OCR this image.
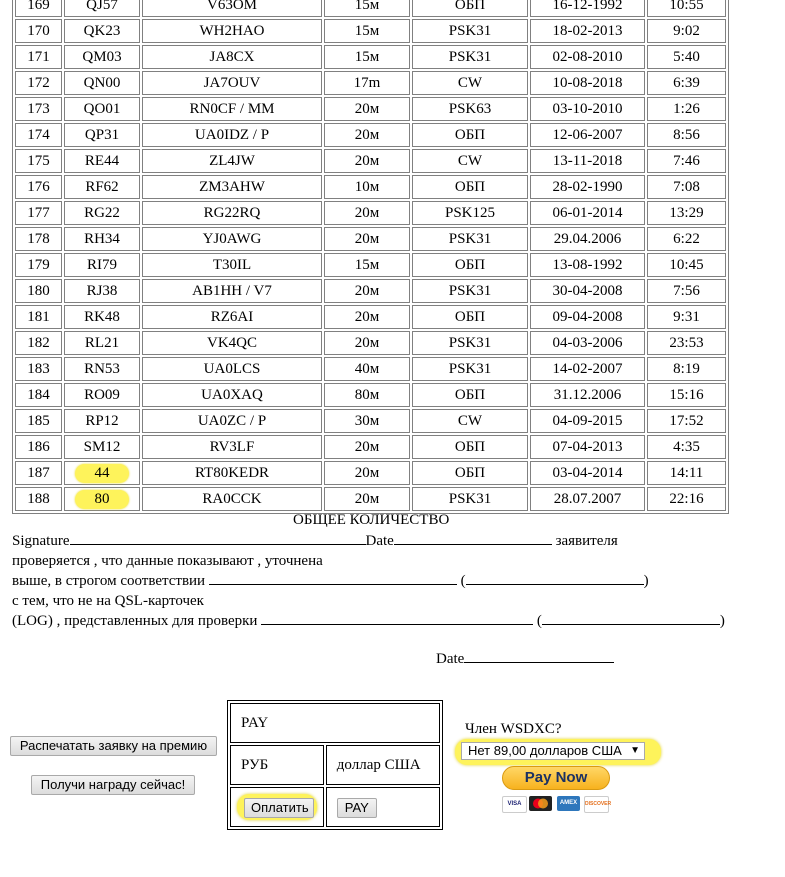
169	QJ57	V63OM	15м	ОБП	16-12-1992	10:55
170	QK23	WH2HAO	15м	PSK31	18-02-2013	9:02
171	QM03	JA8CX	15м	PSK31	02-08-2010	5:40
172	QN00	JA7OUV	17m	CW	10-08-2018	6:39
173	QO01	RN0CF / MM	20м	PSK63	03-10-2010	1:26
174	QP31	UA0IDZ / P	20м	ОБП	12-06-2007	8:56
175	RE44	ZL4JW	20м	CW	13-11-2018	7:46
176	RF62	ZM3AHW	10м	ОБП	28-02-1990	7:08
177	RG22	RG22RQ	20м	PSK125	06-01-2014	13:29
178	RH34	YJ0AWG	20м	PSK31	29.04.2006	6:22
179	RI79	T30IL	15м	ОБП	13-08-1992	10:45
180	RJ38	AB1HH / V7	20м	PSK31	30-04-2008	7:56
181	RK48	RZ6AI	20м	ОБП	09-04-2008	9:31
182	RL21	VK4QC	20м	PSK31	04-03-2006	23:53
183	RN53	UA0LCS	40м	PSK31	14-02-2007	8:19
184	RO09	UA0XAQ	80м	ОБП	31.12.2006	15:16
185	RP12	UA0ZC / P	30м	CW	04-09-2015	17:52
186	SM12	RV3LF	20м	ОБП	07-04-2013	4:35
187	44	RT80KEDR	20м	ОБП	03-04-2014	14:11
188	80	RA0CCK	20м	PSK31	28.07.2007	22:16
ОБЩЕЕ КОЛИЧЕСТВО
Signature	Date	заявителя
проверяется , что данные показывают , уточнена
выше, в строгом соответствии	(	)
с тем, что не на QSL-карточек
(LOG) , представленных для проверки	(	)
Date
Распечатать заявку на премию
Получи награду сейчас!
PAY	
РУБ	доллар США

Оплатить	PAY
Член WSDXC?
Нет 89,00 долларов США ▼
Pay Now
VISA	AMEX	DISCOVER
